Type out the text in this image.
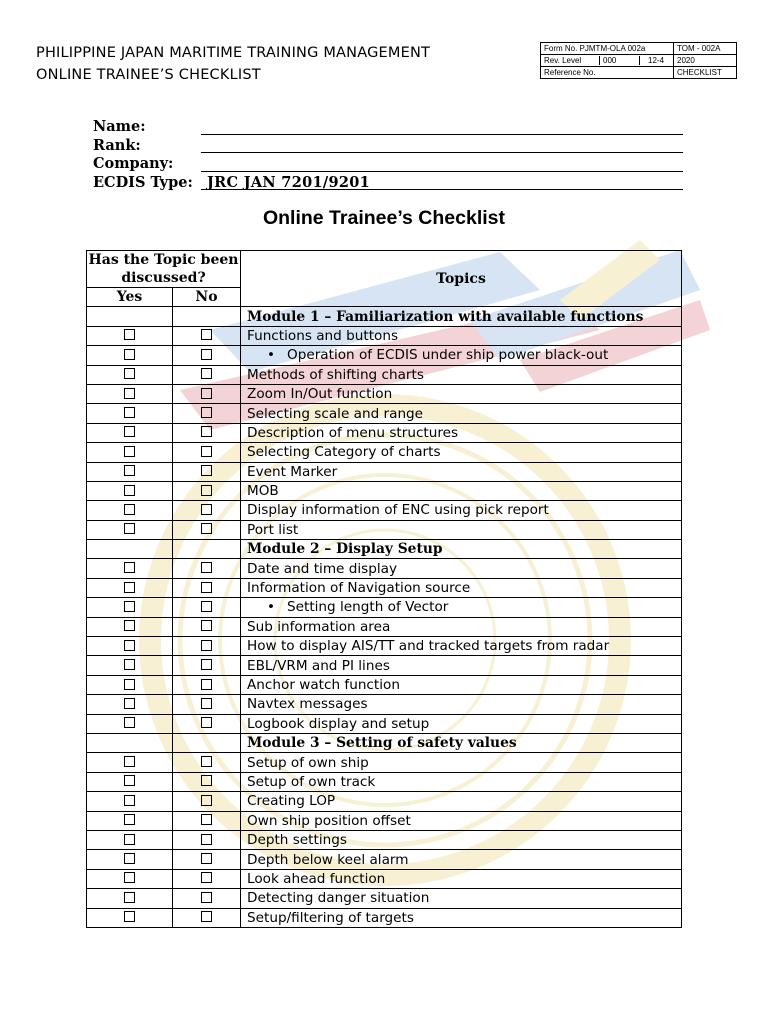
PHILIPPINE JAPAN MARITIME TRAINING MANAGEMENT
ONLINE TRAINEE’S CHECKLIST
Form No. PJMTM-OLA 002a	TOM - 002A

Rev. Level 000 12-4	2020
Reference No.	CHECKLIST
Name:
Rank:
Company:
ECDIS Type: JRC JAN 7201/9201
Online Trainee’s Checklist
Has the Topic been discussed?		Topics
Yes	No	
		Module 1 – Familiarization with available functions
		Functions and buttons
		• Operation of ECDIS under ship power black-out
		Methods of shifting charts
		Zoom In/Out function
		Selecting scale and range
		Description of menu structures
		Selecting Category of charts
		Event Marker
		MOB
		Display information of ENC using pick report
		Port list
		Module 2 – Display Setup
		Date and time display
		Information of Navigation source
		• Setting length of Vector
		Sub information area
		How to display AIS/TT and tracked targets from radar
		EBL/VRM and PI lines
		Anchor watch function
		Navtex messages
		Logbook display and setup
		Module 3 – Setting of safety values
		Setup of own ship
		Setup of own track
		Creating LOP
		Own ship position offset
		Depth settings
		Depth below keel alarm
		Look ahead function
		Detecting danger situation
		Setup/filtering of targets
